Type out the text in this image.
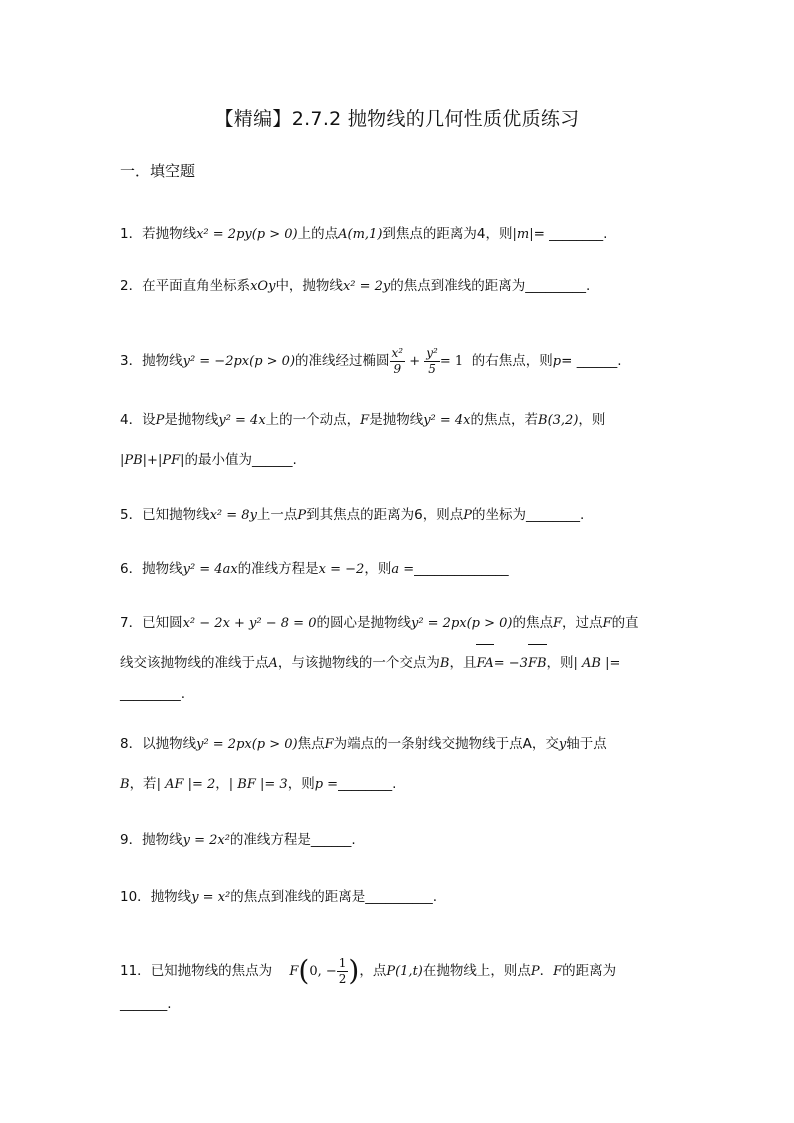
【精编】2.7.2 抛物线的几何性质优质练习
一．填空题
1．若抛物线x² = 2py(p > 0)上的点A(m,1)到焦点的距离为4，则|m|= ________.
2．在平面直角坐标系xOy中，抛物线x² = 2y的焦点到准线的距离为_________.
3．抛物线y² = −2px(p > 0)的准线经过椭圆 $\frac{\text{x²}}{9} + \frac{\text{y²}}{5} = 1$ 的右焦点，则p= ______.
4．设P是抛物线y² = 4x上的一个动点，F是抛物线y² = 4x的焦点，若B(3,2)，则
|PB|+|PF|的最小值为______.
5．已知抛物线x² = 8y上一点P到其焦点的距离为6，则点P的坐标为________.
6．抛物线y² = 4ax的准线方程是x = −2，则a =______________
7．已知圆x² − 2x + y² − 8 = 0的圆心是抛物线y² = 2px(p > 0)的焦点F，过点F的直
线交该抛物线的准线于点A，与该抛物线的一个交点为B，且FA= −3FB，则| AB |=
_________.
8．以抛物线y² = 2px(p > 0)焦点F为端点的一条射线交抛物线于点A，交y轴于点
B，若| AF |= 2，| BF |= 3，则p =________.
9．抛物线y = 2x²的准线方程是______.
10．抛物线y = x²的焦点到准线的距离是__________.
11．已知抛物线的焦点为 F(0, − $\frac{1}{2}$ )，点P(1,t)在抛物线上，则点P．F的距离为
_______.
